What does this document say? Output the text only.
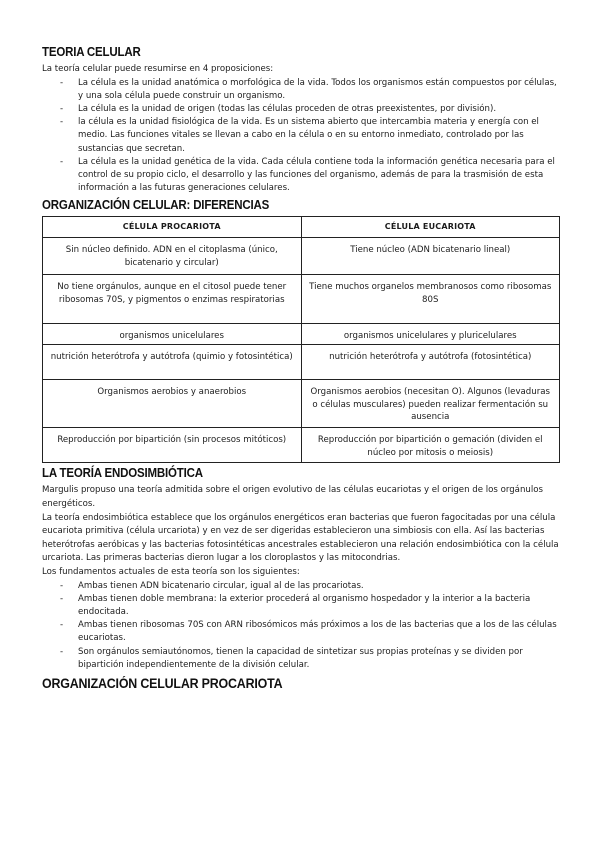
TEORIA CELULAR

La teoría celular puede resumirse en 4 proposiciones:

- La célula es la unidad anatómica o morfológica de la vida. Todos los organismos están compuestos por células, y una sola célula puede construir un organismo.
- La célula es la unidad de origen (todas las células proceden de otras preexistentes, por división).
- la célula es la unidad fisiológica de la vida. Es un sistema abierto que intercambia materia y energía con el medio. Las funciones vitales se llevan a cabo en la célula o en su entorno inmediato, controlado por las sustancias que secretan.
- La célula es la unidad genética de la vida. Cada célula contiene toda la información genética necesaria para el control de su propio ciclo, el desarrollo y las funciones del organismo, además de para la trasmisión de esta información a las futuras generaciones celulares.
ORGANIZACIÓN CELULAR: DIFERENCIAS
CÉLULA PROCARIOTA	CÉLULA EUCARIOTA
Sin núcleo definido. ADN en el citoplasma (único, bicatenario y circular)	Tiene núcleo (ADN bicatenario lineal)
No tiene orgánulos, aunque en el citosol puede tener ribosomas 70S, y pigmentos o enzimas respiratorias	Tiene muchos organelos membranosos como ribosomas 80S
organismos unicelulares	organismos unicelulares y pluricelulares
nutrición heterótrofa y autótrofa (quimio y fotosintética)	nutrición heterótrofa y autótrofa (fotosintética)
Organismos aerobios y anaerobios	Organismos aerobios (necesitan O). Algunos (levaduras o células musculares) pueden realizar fermentación su ausencia
Reproducción por bipartición (sin procesos mitóticos)	Reproducción por bipartición o gemación (dividen el núcleo por mitosis o meiosis)
LA TEORÍA ENDOSIMBIÓTICA

Margulis propuso una teoría admitida sobre el origen evolutivo de las células eucariotas y el origen de los orgánulos energéticos.

La teoría endosimbiótica establece que los orgánulos energéticos eran bacterias que fueron fagocitadas por una célula eucariota primitiva (célula urcariota) y en vez de ser digeridas establecieron una simbiosis con ella. Así las bacterias heterótrofas aeróbicas y las bacterias fotosintéticas ancestrales establecieron una relación endosimbiótica con la célula urcariota. Las primeras bacterias dieron lugar a los cloroplastos y las mitocondrias.

Los fundamentos actuales de esta teoría son los siguientes:

- Ambas tienen ADN bicatenario circular, igual al de las procariotas.
- Ambas tienen doble membrana: la exterior procederá al organismo hospedador y la interior a la bacteria endocitada.
- Ambas tienen ribosomas 70S con ARN ribosómicos más próximos a los de las bacterias que a los de las células eucariotas.
- Son orgánulos semiautónomos, tienen la capacidad de sintetizar sus propias proteínas y se dividen por bipartición independientemente de la división celular.
ORGANIZACIÓN CELULAR PROCARIOTA
